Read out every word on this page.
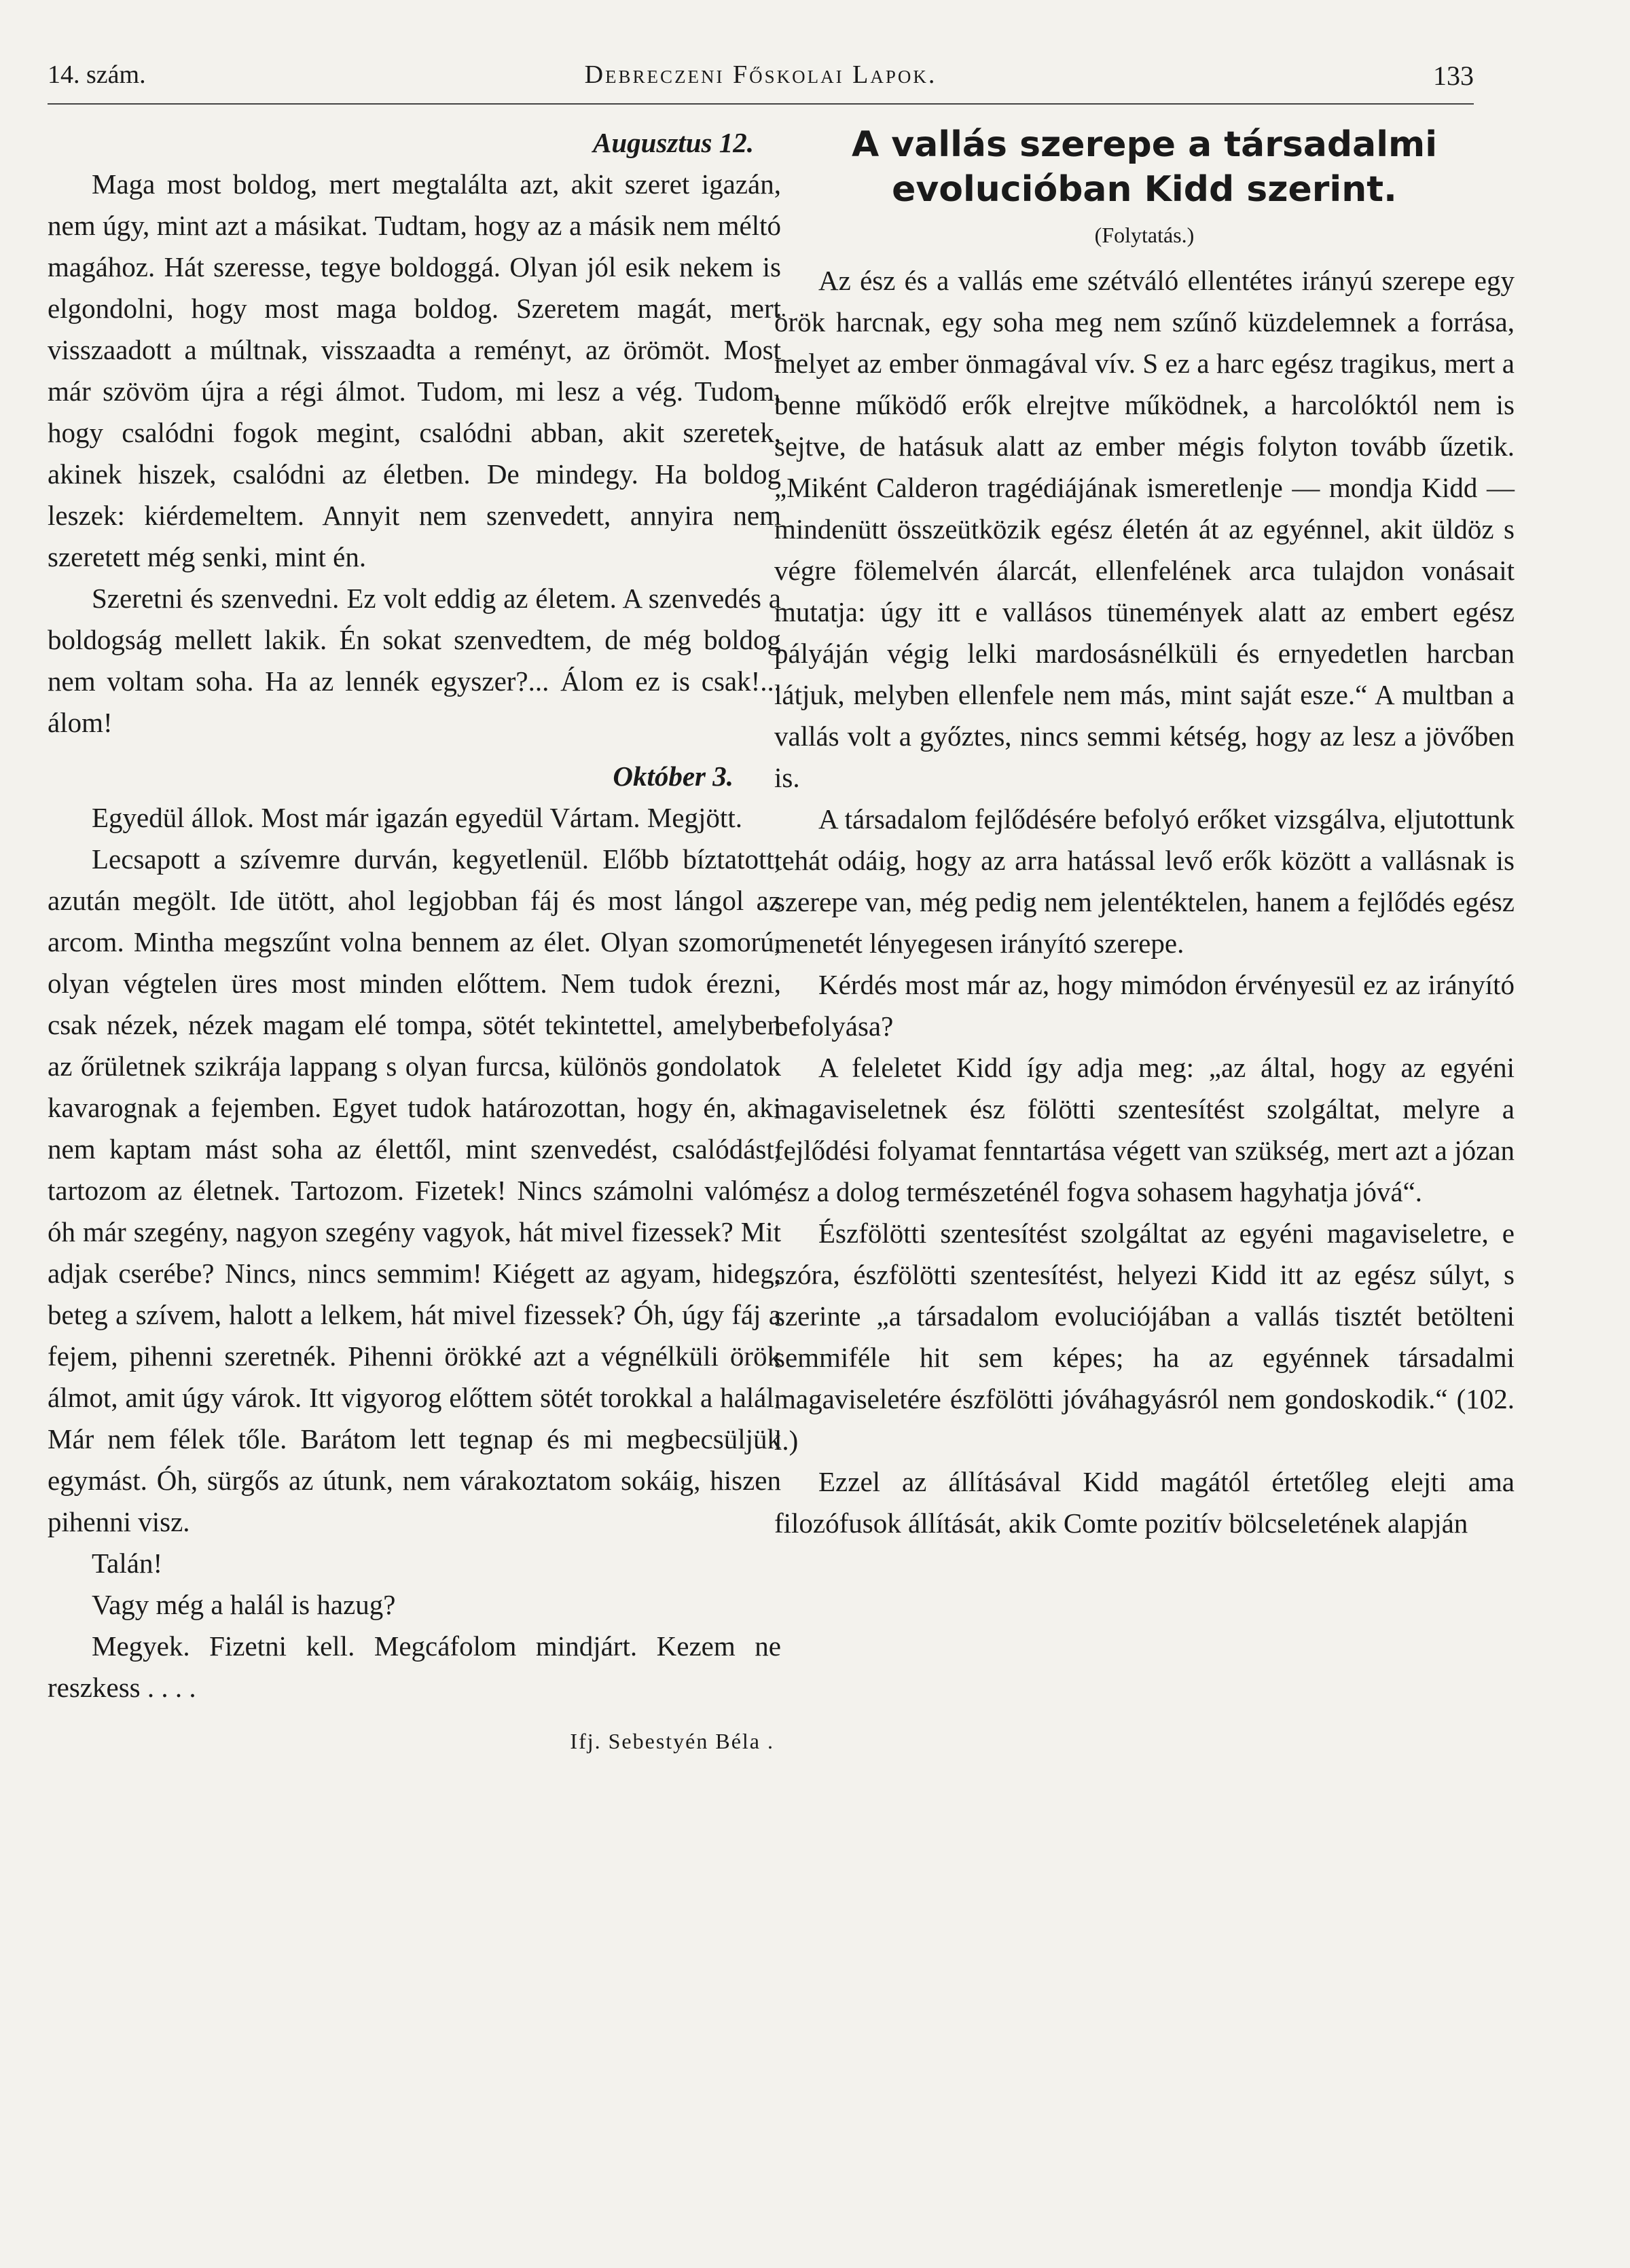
14. szám.	Debreczeni Főskolai Lapok.	133
Augusztus 12.

Maga most boldog, mert megtalálta azt, akit szeret igazán, nem úgy, mint azt a másikat. Tudtam, hogy az a másik nem méltó magához. Hát szeresse, tegye boldoggá. Olyan jól esik nekem is elgondolni, hogy most maga boldog. Szeretem magát, mert visszaadott a múltnak, visszaadta a reményt, az örömöt. Most már szövöm újra a régi álmot. Tudom, mi lesz a vég. Tudom, hogy csalódni fogok megint, csalódni abban, akit szeretek, akinek hiszek, csalódni az életben. De mindegy. Ha boldog leszek: kiérdemeltem. Annyit nem szenvedett, annyira nem szeretett még senki, mint én.

Szeretni és szenvedni. Ez volt eddig az életem. A szenvedés a boldogság mellett lakik. Én sokat szenvedtem, de még boldog nem voltam soha. Ha az lennék egyszer?... Álom ez is csak!... álom!

Október 3.

Egyedül állok. Most már igazán egyedül Vártam. Megjött.

Lecsapott a szívemre durván, kegyetlenül. Előbb bíztatott, azután megölt. Ide ütött, ahol legjobban fáj és most lángol az arcom. Mintha megszűnt volna bennem az élet. Olyan szomorú, olyan végtelen üres most minden előttem. Nem tudok érezni, csak nézek, nézek magam elé tompa, sötét tekintettel, amelyben az őrületnek szikrája lappang s olyan furcsa, különös gondolatok kavarognak a fejemben. Egyet tudok határozottan, hogy én, aki nem kaptam mást soha az élettől, mint szenvedést, csalódást, tartozom az életnek. Tartozom. Fizetek! Nincs számolni valóm, óh már szegény, nagyon szegény vagyok, hát mivel fizessek? Mit adjak cserébe? Nincs, nincs semmim! Kiégett az agyam, hideg, beteg a szívem, halott a lelkem, hát mivel fizessek? Óh, úgy fáj a fejem, pihenni szeretnék. Pihenni örökké azt a végnélküli örök álmot, amit úgy várok. Itt vigyorog előttem sötét torokkal a halál. Már nem félek tőle. Barátom lett tegnap és mi megbecsüljük egymást. Óh, sürgős az útunk, nem várakoztatom sokáig, hiszen pihenni visz.

Talán!

Vagy még a halál is hazug?

Megyek. Fizetni kell. Megcáfolom mindjárt. Kezem ne reszkess . . . .

Ifj. Sebestyén Béla .
A vallás szerepe a társadalmi evolucióban Kidd szerint.
(Folytatás.)

Az ész és a vallás eme szétváló ellentétes irányú szerepe egy örök harcnak, egy soha meg nem szűnő küzdelemnek a forrása, melyet az ember önmagával vív. S ez a harc egész tragikus, mert a benne működő erők elrejtve működnek, a harcolóktól nem is sejtve, de hatásuk alatt az ember mégis folyton tovább űzetik. „Miként Calderon tragédiájának ismeretlenje — mondja Kidd — mindenütt összeütközik egész életén át az egyénnel, akit üldöz s végre fölemelvén álarcát, ellenfelének arca tulajdon vonásait mutatja: úgy itt e vallásos tünemények alatt az embert egész pályáján végig lelki mardosásnélküli és ernyedetlen harcban látjuk, melyben ellenfele nem más, mint saját esze.“ A multban a vallás volt a győztes, nincs semmi kétség, hogy az lesz a jövőben is.

A társadalom fejlődésére befolyó erőket vizsgálva, eljutottunk tehát odáig, hogy az arra hatással levő erők között a vallásnak is szerepe van, még pedig nem jelentéktelen, hanem a fejlődés egész menetét lényegesen irányító szerepe.

Kérdés most már az, hogy mimódon érvényesül ez az irányító befolyása?

A feleletet Kidd így adja meg: „az által, hogy az egyéni magaviseletnek ész fölötti szentesítést szolgáltat, melyre a fejlődési folyamat fenntartása végett van szükség, mert azt a józan ész a dolog természeténél fogva sohasem hagyhatja jóvá“.

Észfölötti szentesítést szolgáltat az egyéni magaviseletre, e szóra, észfölötti szentesítést, helyezi Kidd itt az egész súlyt, s szerinte „a társadalom evoluciójában a vallás tisztét betölteni semmiféle hit sem képes; ha az egyénnek társadalmi magaviseletére észfölötti jóváhagyásról nem gondoskodik.“ (102. l.)

Ezzel az állításával Kidd magától értetőleg elejti ama filozófusok állítását, akik Comte pozitív bölcseletének alapján
